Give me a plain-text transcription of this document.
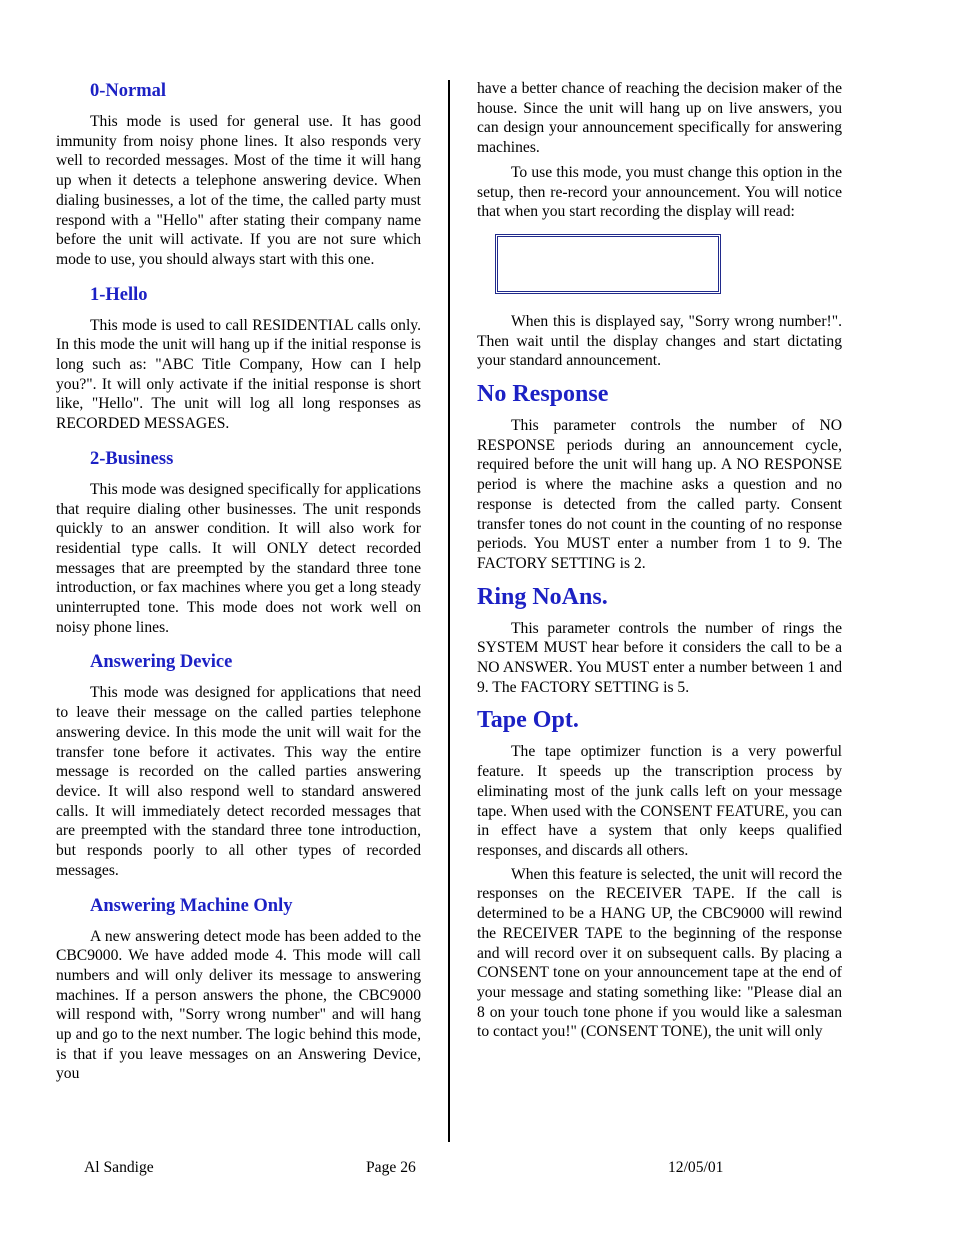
0-Normal

This mode is used for general use. It has good immunity from noisy phone lines. It also responds very well to recorded messages. Most of the time it will hang up when it detects a telephone answering device. When dialing businesses, a lot of the time, the called party must respond with a "Hello" after stating their company name before the unit will activate. If you are not sure which mode to use, you should always start with this one.

1-Hello

This mode is used to call RESIDENTIAL calls only. In this mode the unit will hang up if the initial response is long such as: "ABC Title Company, How can I help you?". It will only activate if the initial response is short like, "Hello". The unit will log all long responses as RECORDED MESSAGES.

2-Business

This mode was designed specifically for applications that require dialing other businesses. The unit responds quickly to an answer condition. It will also work for residential type calls. It will ONLY detect recorded messages that are preempted by the standard three tone introduction, or fax machines where you get a long steady uninterrupted tone. This mode does not work well on noisy phone lines.

Answering Device

This mode was designed for applications that need to leave their message on the called parties telephone answering device. In this mode the unit will wait for the transfer tone before it activates. This way the entire message is recorded on the called parties answering device. It will also respond well to standard answered calls. It will immediately detect recorded messages that are preempted with the standard three tone introduction, but responds poorly to all other types of recorded messages.

Answering Machine Only

A new answering detect mode has been added to the CBC9000. We have added mode 4. This mode will call numbers and will only deliver its message to answering machines. If a person answers the phone, the CBC9000 will respond with, "Sorry wrong number" and will hang up and go to the next number. The logic behind this mode, is that if you leave messages on an Answering Device, you

have a better chance of reaching the decision maker of the house. Since the unit will hang up on live answers, you can design your announcement specifically for answering machines.

To use this mode, you must change this option in the setup, then re-record your announcement. You will notice that when you start recording the display will read:

When this is displayed say, "Sorry wrong number!". Then wait until the display changes and start dictating your standard announcement.

No Response

This parameter controls the number of NO RESPONSE periods during an announcement cycle, required before the unit will hang up. A NO RESPONSE period is where the machine asks a question and no response is detected from the called party. Consent transfer tones do not count in the counting of no response periods. You MUST enter a number from 1 to 9. The FACTORY SETTING is 2.

Ring NoAns.

This parameter controls the number of rings the SYSTEM MUST hear before it considers the call to be a NO ANSWER. You MUST enter a number between 1 and 9. The FACTORY SETTING is 5.

Tape Opt.

The tape optimizer function is a very powerful feature. It speeds up the transcription process by eliminating most of the junk calls left on your message tape. When used with the CONSENT FEATURE, you can in effect have a system that only keeps qualified responses, and discards all others.

When this feature is selected, the unit will record the responses on the RECEIVER TAPE. If the call is determined to be a HANG UP, the CBC9000 will rewind the RECEIVER TAPE to the beginning of the response and will record over it on subsequent calls. By placing a CONSENT tone on your announcement tape at the end of your message and stating something like: "Please dial an 8 on your touch tone phone if you would like a salesman to contact you!" (CONSENT TONE), the unit will only

Al Sandige	Page 26	12/05/01
